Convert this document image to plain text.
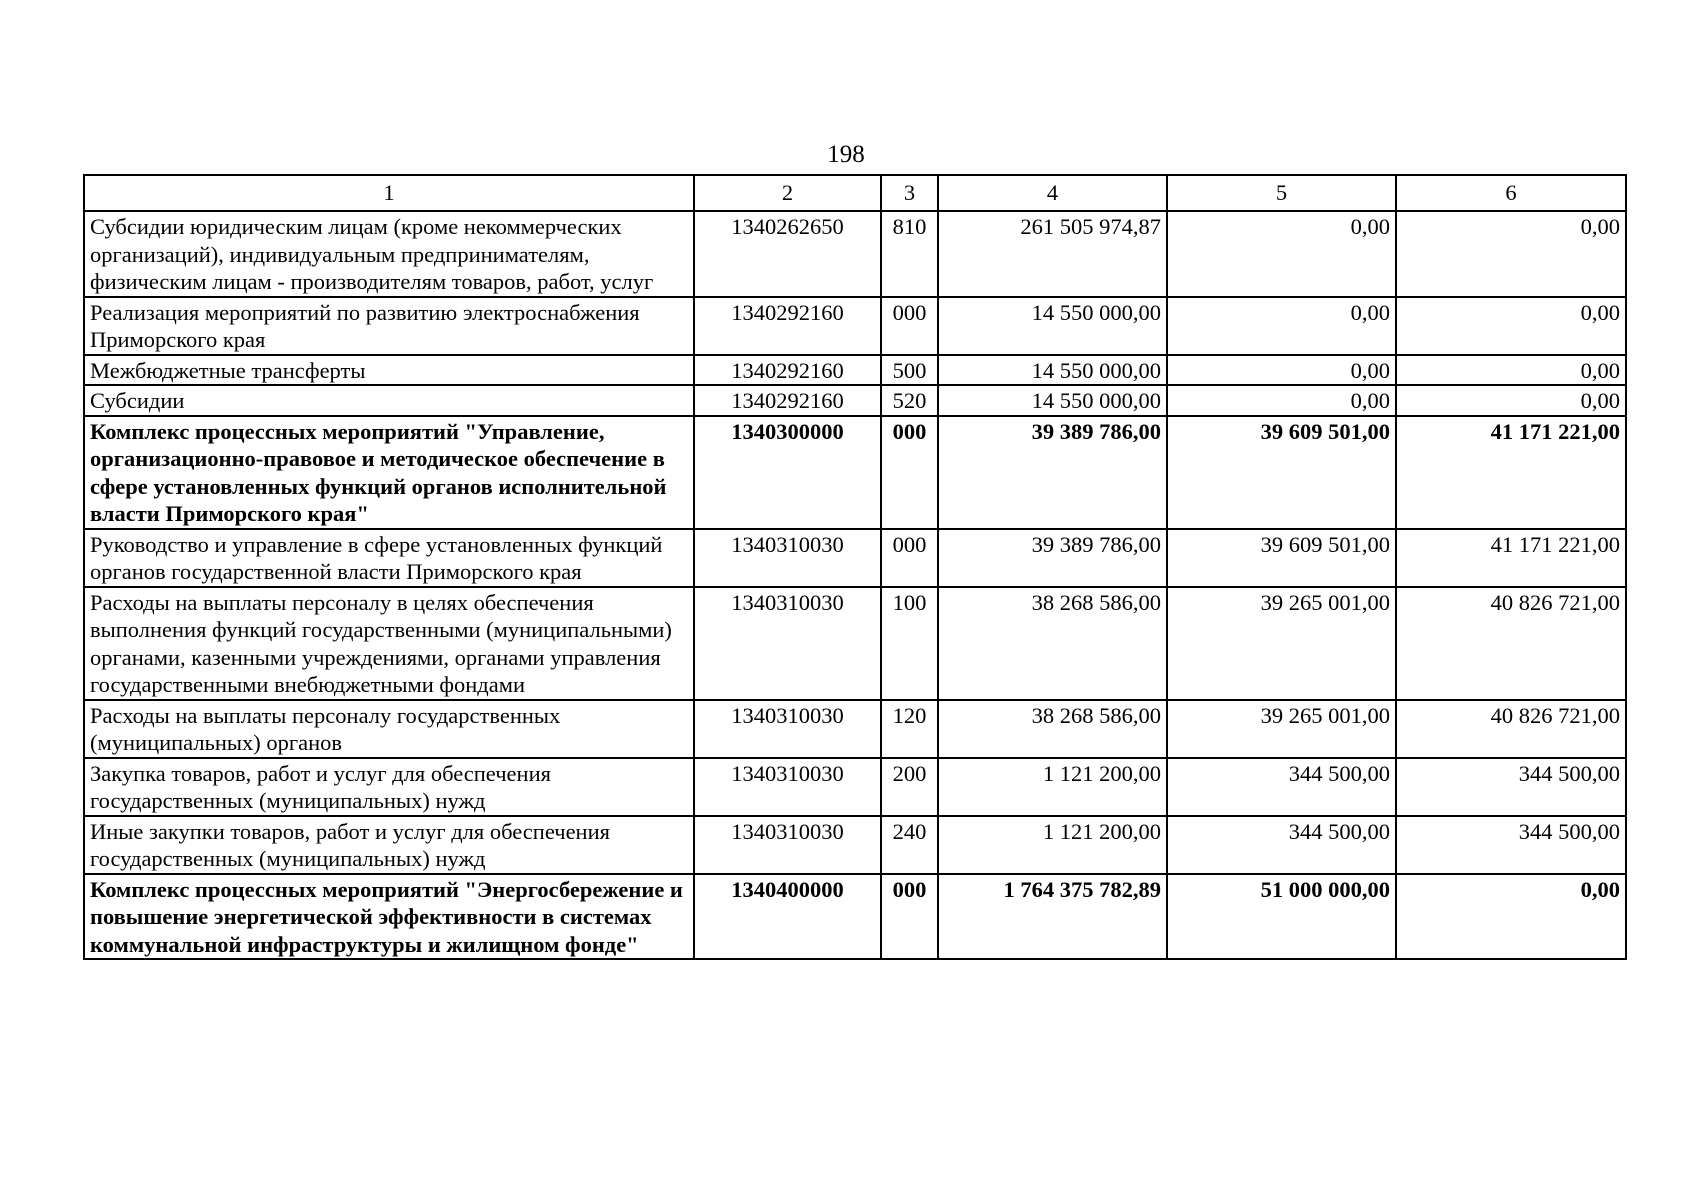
198
1	2	3	4	5	6
Субсидии юридическим лицам (кроме некоммерческих организаций), индивидуальным предпринимателям, физическим лицам - производителям товаров, работ, услуг	1340262650	810	261 505 974,87	0,00	0,00
Реализация мероприятий по развитию электроснабжения Приморского края	1340292160	000	14 550 000,00	0,00	0,00
Межбюджетные трансферты	1340292160	500	14 550 000,00	0,00	0,00
Субсидии	1340292160	520	14 550 000,00	0,00	0,00
Комплекс процессных мероприятий "Управление, организационно-правовое и методическое обеспечение в сфере установленных функций органов исполнительной власти Приморского края"	1340300000	000	39 389 786,00	39 609 501,00	41 171 221,00
Руководство и управление в сфере установленных функций органов государственной власти Приморского края	1340310030	000	39 389 786,00	39 609 501,00	41 171 221,00
Расходы на выплаты персоналу в целях обеспечения выполнения функций государственными (муниципальными) органами, казенными учреждениями, органами управления государственными внебюджетными фондами	1340310030	100	38 268 586,00	39 265 001,00	40 826 721,00
Расходы на выплаты персоналу государственных (муниципальных) органов	1340310030	120	38 268 586,00	39 265 001,00	40 826 721,00
Закупка товаров, работ и услуг для обеспечения государственных (муниципальных) нужд	1340310030	200	1 121 200,00	344 500,00	344 500,00
Иные закупки товаров, работ и услуг для обеспечения государственных (муниципальных) нужд	1340310030	240	1 121 200,00	344 500,00	344 500,00
Комплекс процессных мероприятий "Энергосбережение и повышение энергетической эффективности в системах коммунальной инфраструктуры и жилищном фонде"	1340400000	000	1 764 375 782,89	51 000 000,00	0,00
